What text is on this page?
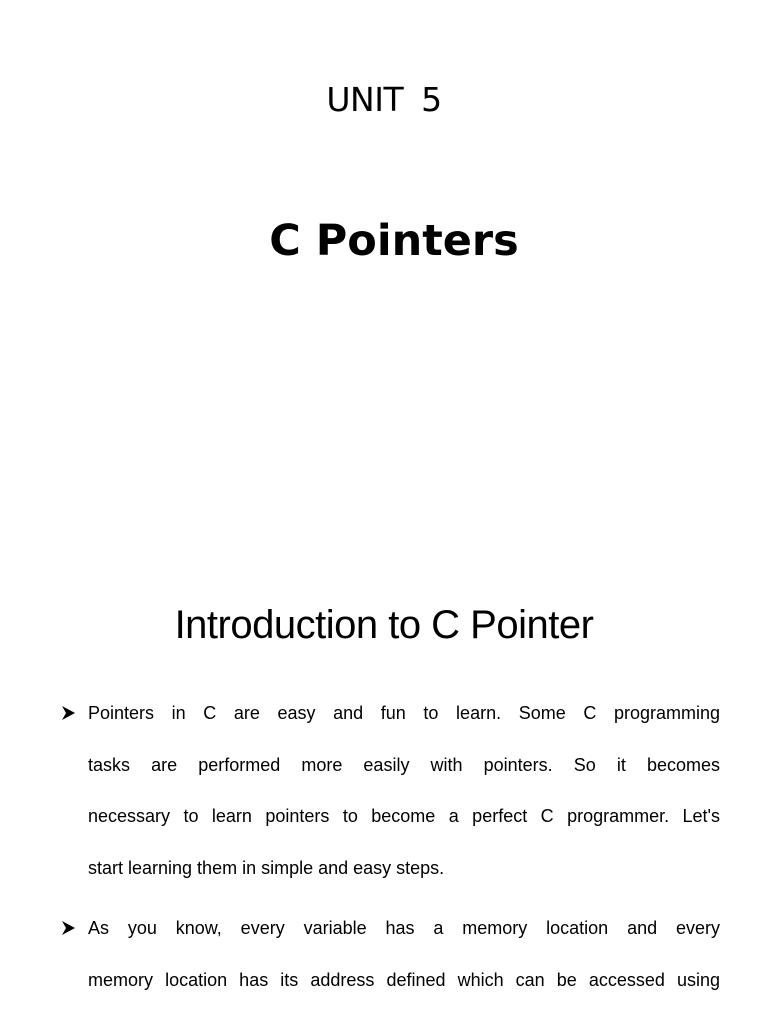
UNIT 5
C Pointers
Introduction to C Pointer
Pointers in C are easy and fun to learn. Some C programming
tasks are performed more easily with pointers. So it becomes
necessary to learn pointers to become a perfect C programmer. Let's
start learning them in simple and easy steps.
As you know, every variable has a memory location and every
memory location has its address defined which can be accessed using
